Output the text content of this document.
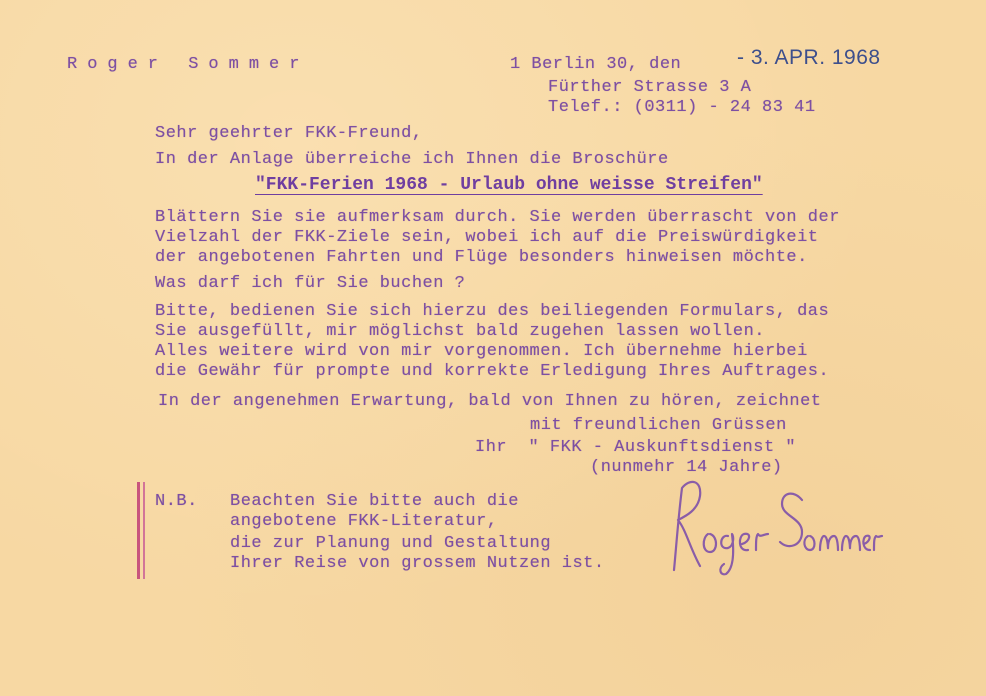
Roger Sommer	1 Berlin 30, den	- 3. APR. 1968
Fürther Strasse 3 A
Telef.: (0311) - 24 83 41
Sehr geehrter FKK-Freund,
In der Anlage überreiche ich Ihnen die Broschüre
"FKK-Ferien 1968 - Urlaub ohne weisse Streifen"
Blättern Sie sie aufmerksam durch. Sie werden überrascht von der
Vielzahl der FKK-Ziele sein, wobei ich auf die Preiswürdigkeit
der angebotenen Fahrten und Flüge besonders hinweisen möchte.
Was darf ich für Sie buchen ?
Bitte, bedienen Sie sich hierzu des beiliegenden Formulars, das
Sie ausgefüllt, mir möglichst bald zugehen lassen wollen.
Alles weitere wird von mir vorgenommen. Ich übernehme hierbei
die Gewähr für prompte und korrekte Erledigung Ihres Auftrages.
In der angenehmen Erwartung, bald von Ihnen zu hören, zeichnet
mit freundlichen Grüssen
Ihr  " FKK - Auskunftsdienst "
(nunmehr 14 Jahre)
N.B. Beachten Sie bitte auch die
angebotene FKK-Literatur,
die zur Planung und Gestaltung
Ihrer Reise von grossem Nutzen ist.
